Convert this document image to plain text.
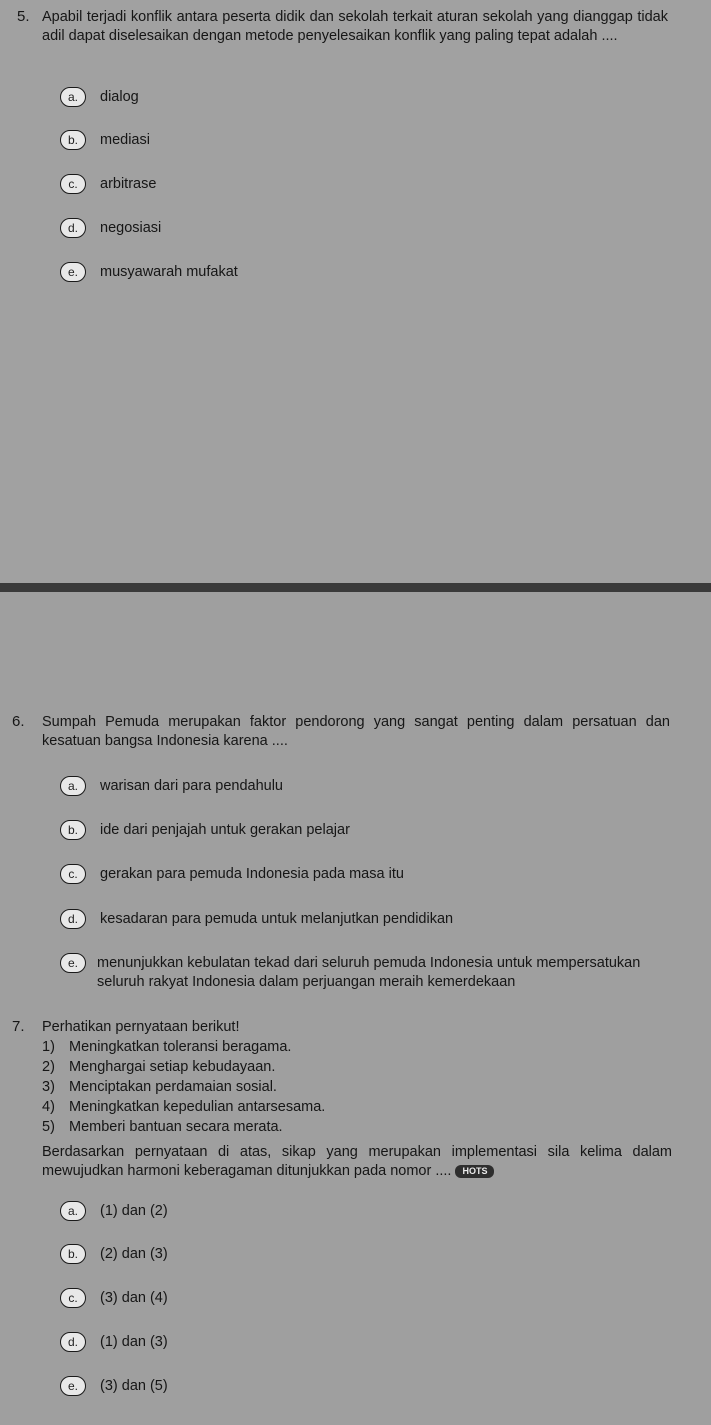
5. Apabil terjadi konflik antara peserta didik dan sekolah terkait aturan sekolah yang dianggap tidak adil dapat diselesaikan dengan metode penyelesaikan konflik yang paling tepat adalah ....
a.	dialog
b.	mediasi
c.	arbitrase
d.	negosiasi
e.	musyawarah mufakat
6. Sumpah Pemuda merupakan faktor pendorong yang sangat penting dalam persatuan dan kesatuan bangsa Indonesia karena ....
a.	warisan dari para pendahulu
b.	ide dari penjajah untuk gerakan pelajar
c.	gerakan para pemuda Indonesia pada masa itu
d.	kesadaran para pemuda untuk melanjutkan pendidikan
e.	menunjukkan kebulatan tekad dari seluruh pemuda Indonesia untuk mempersatukan seluruh rakyat Indonesia dalam perjuangan meraih kemerdekaan
7. Perhatikan pernyataan berikut!
1) Meningkatkan toleransi beragama.
2) Menghargai setiap kebudayaan.
3) Menciptakan perdamaian sosial.
4) Meningkatkan kepedulian antarsesama.
5) Memberi bantuan secara merata.
Berdasarkan pernyataan di atas, sikap yang merupakan implementasi sila kelima dalam mewujudkan harmoni keberagaman ditunjukkan pada nomor .... HOTS
a.	(1) dan (2)
b.	(2) dan (3)
c.	(3) dan (4)
d.	(1) dan (3)
e.	(3) dan (5)
